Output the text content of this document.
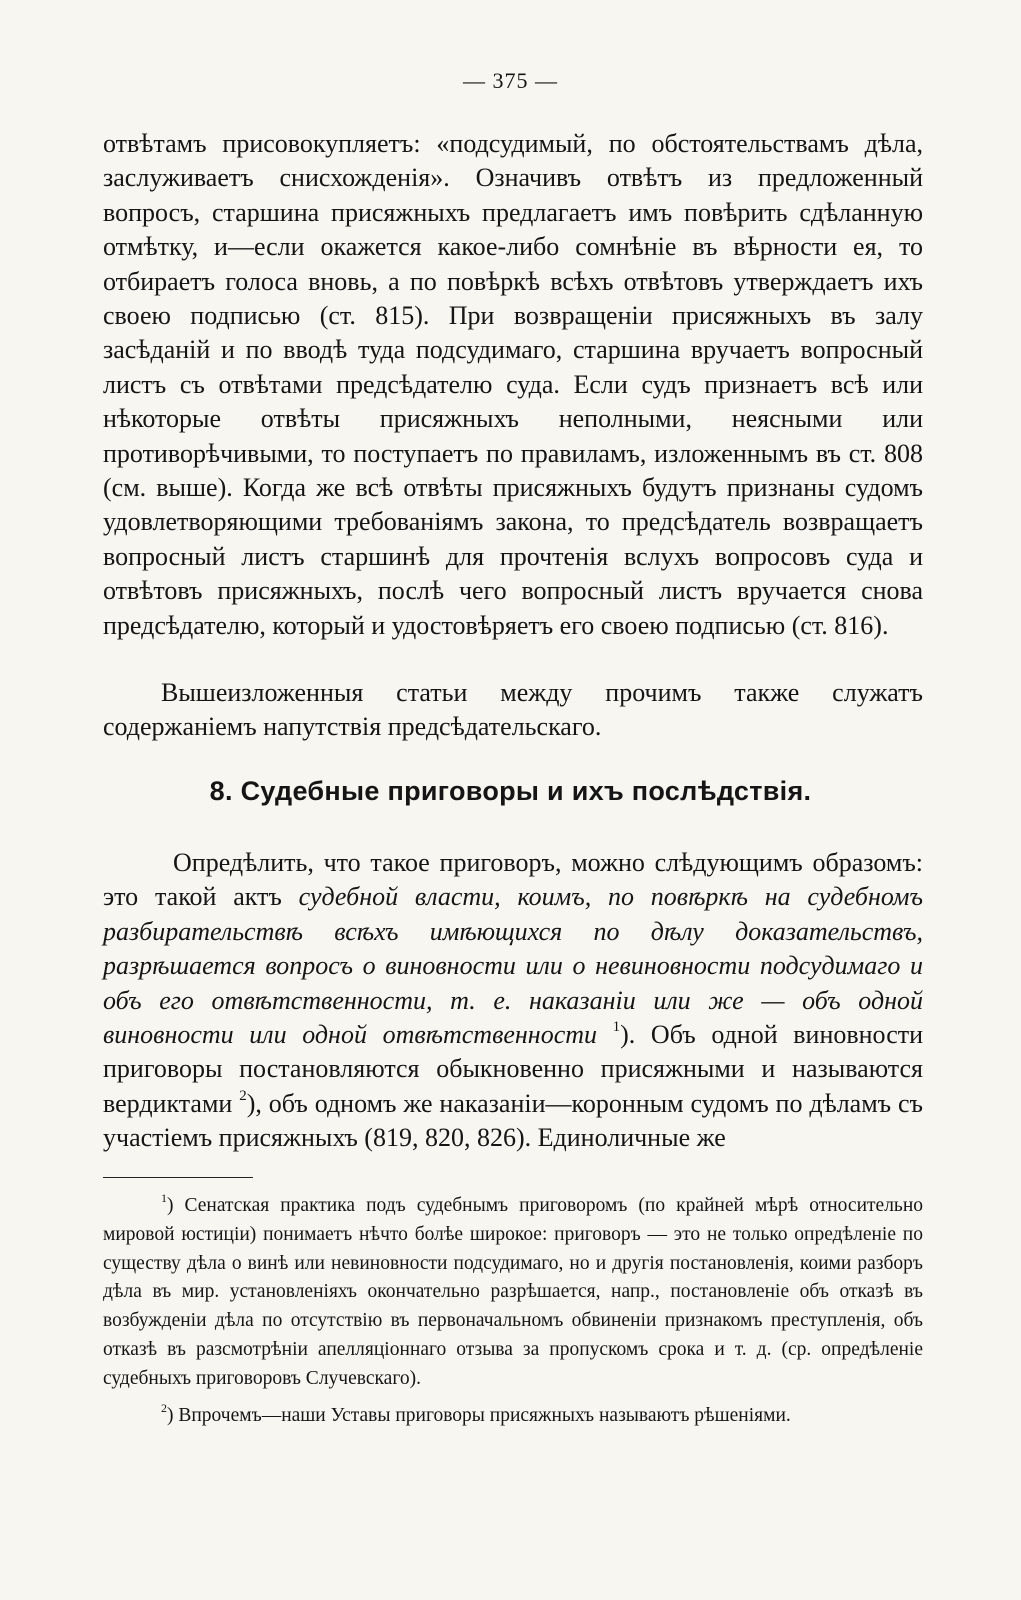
— 375 —
отвѣтамъ присовокупляетъ: «подсудимый, по обстоятельствамъ дѣла, заслуживаетъ снисхожденія». Означивъ отвѣтъ из предложенный вопросъ, старшина присяжныхъ предлагаетъ имъ повѣрить сдѣланную отмѣтку, и—если окажется какое-либо сомнѣніе въ вѣрности ея, то отбираетъ голоса вновь, а по повѣркѣ всѣхъ отвѣтовъ утверждаетъ ихъ своею подписью (ст. 815). При возвращеніи присяжныхъ въ залу засѣданій и по вводѣ туда подсудимаго, старшина вручаетъ вопросный листъ съ отвѣтами предсѣдателю суда. Если судъ признаетъ всѣ или нѣкоторые отвѣты присяжныхъ неполными, неясными или противорѣчивыми, то поступаетъ по правиламъ, изложеннымъ въ ст. 808 (см. выше). Когда же всѣ отвѣты присяжныхъ будутъ признаны судомъ удовлетворяющими требованіямъ закона, то предсѣдатель возвращаетъ вопросный листъ старшинѣ для прочтенія вслухъ вопросовъ суда и отвѣтовъ присяжныхъ, послѣ чего вопросный листъ вручается снова предсѣдателю, который и удостовѣряетъ его своею подписью (ст. 816).
Вышеизложенныя статьи между прочимъ также служатъ содержаніемъ напутствія предсѣдательскаго.
8. Судебные приговоры и ихъ послѣдствія.
Опредѣлить, что такое приговоръ, можно слѣдующимъ образомъ: это такой актъ судебной власти, коимъ, по повѣркѣ на судебномъ разбирательствѣ всѣхъ имѣющихся по дѣлу доказательствъ, разрѣшается вопросъ о виновности или о невиновности подсудимаго и объ его отвѣтственности, т. е. наказаніи или же — объ одной виновности или одной отвѣтственности $^1$). Объ одной виновности приговоры постановляются обыкновенно присяжными и называются вердиктами $^2$), объ одномъ же наказаніи—коронным судомъ по дѣламъ съ участіемъ присяжныхъ (819, 820, 826). Единоличные же
$^1$) Сенатская практика подъ судебнымъ приговоромъ (по крайней мѣрѣ относительно мировой юстиціи) понимаетъ нѣчто болѣе широкое: приговоръ — это не только опредѣленіе по существу дѣла о винѣ или невиновности подсудимаго, но и другія постановленія, коими разборъ дѣла въ мир. установленіяхъ окончательно разрѣшается, напр., постановленіе объ отказѣ въ возбужденіи дѣла по отсутствію въ первоначальномъ обвиненіи признакомъ преступленія, объ отказѣ въ разсмотрѣніи апелляціоннаго отзыва за пропускомъ срока и т. д. (ср. опредѣленіе судебныхъ приговоровъ Случевскаго).
$^2$) Впрочемъ—наши Уставы приговоры присяжныхъ называютъ рѣшеніями.
